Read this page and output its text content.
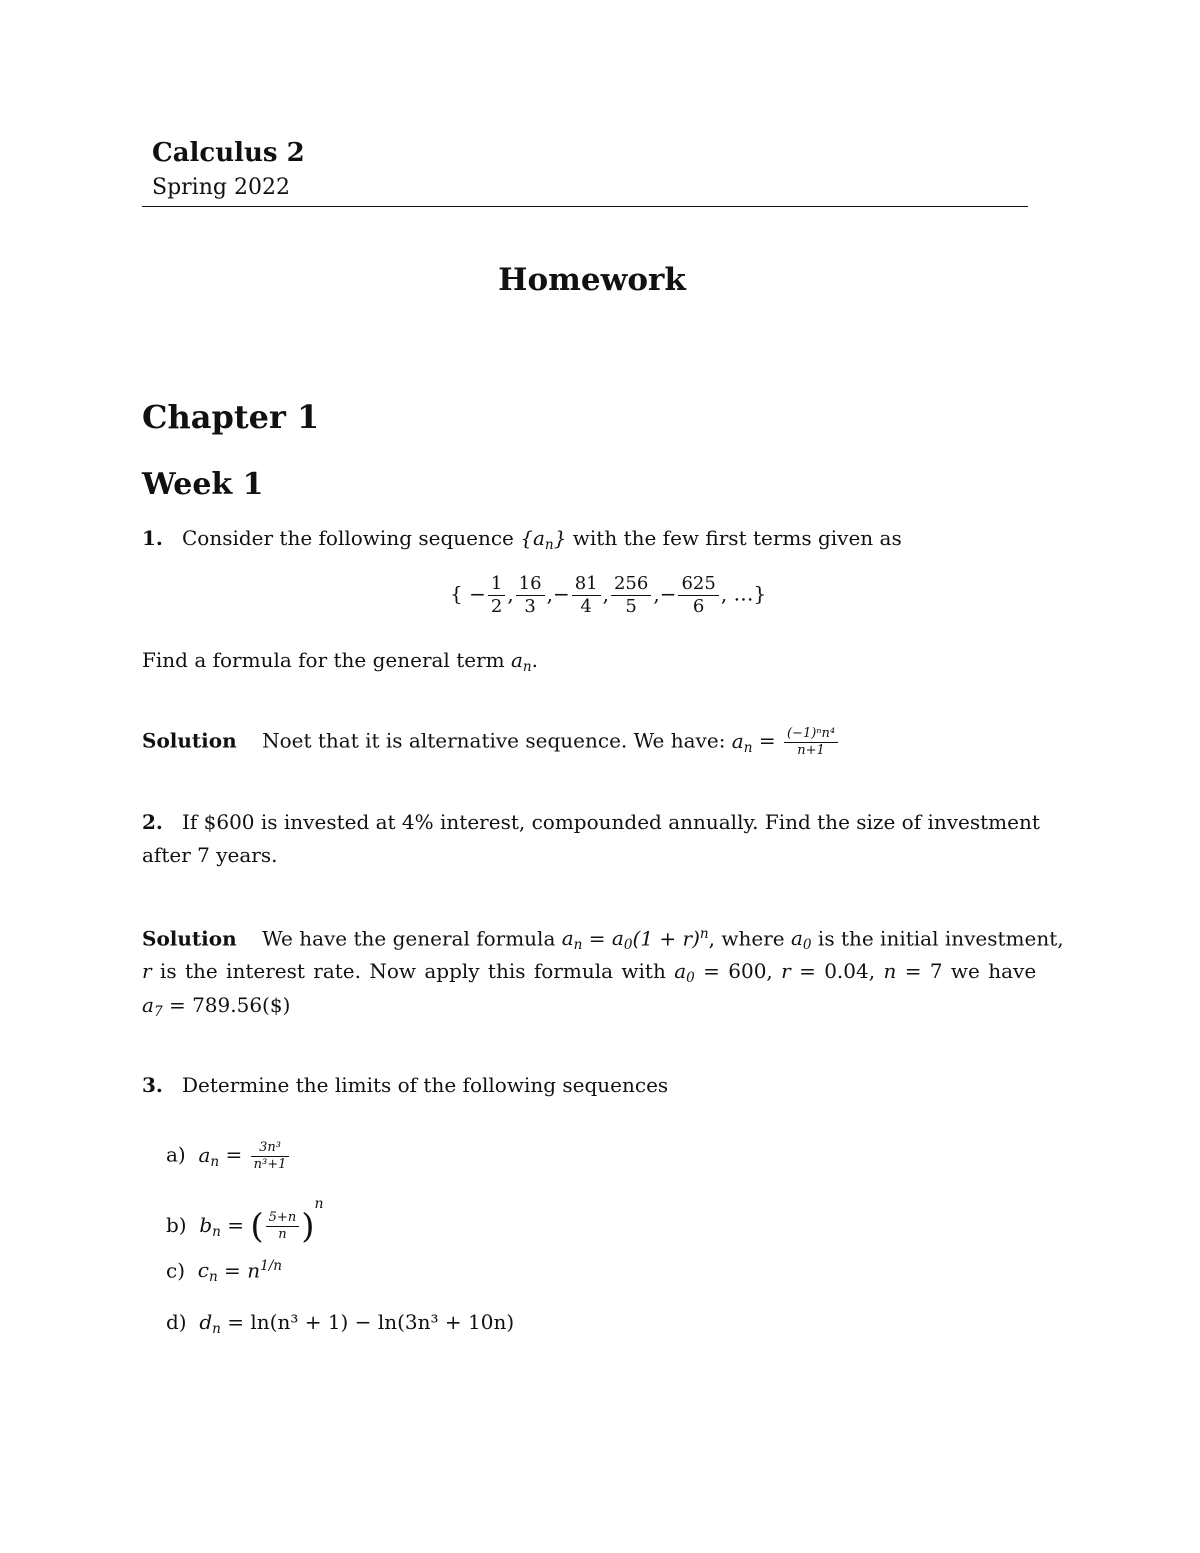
Calculus 2
Spring 2022
Homework
Chapter 1
Week 1
1. Consider the following sequence $\{a_n\}$ with the few first terms given as
{ − $\frac{1}{2}$ , $\frac{16}{3}$ ,− $\frac{81}{4}$ , $\frac{256}{5}$ ,− $\frac{625}{6}$ , …}
Find a formula for the general term $a_n$.
Solution Noet that it is alternative sequence. We have: $a_n = \frac{\text{(−1)ⁿn⁴}}{n+1}$
2. If $600 is invested at 4% interest, compounded annually. Find the size of investment
after 7 years.
Solution We have the general formula $a_n = a_0(1 + r)^n$, where $a_0$ is the initial investment,
r is the interest rate. Now apply this formula with $a_0 = 600$, r = 0.04, n = 7 we have
$a_7$ = 789.56($)
3. Determine the limits of the following sequences
a) $a_n = \frac{\text{3n³}}{\text{n³+1}}$
b) $b_n$ = ( $\frac{5+n}{n} )^n$
c) $c_n = n^{1/n}$
d) $d_n = \ln(n^3 + 1) - \ln(3n^3 + 10n)$
